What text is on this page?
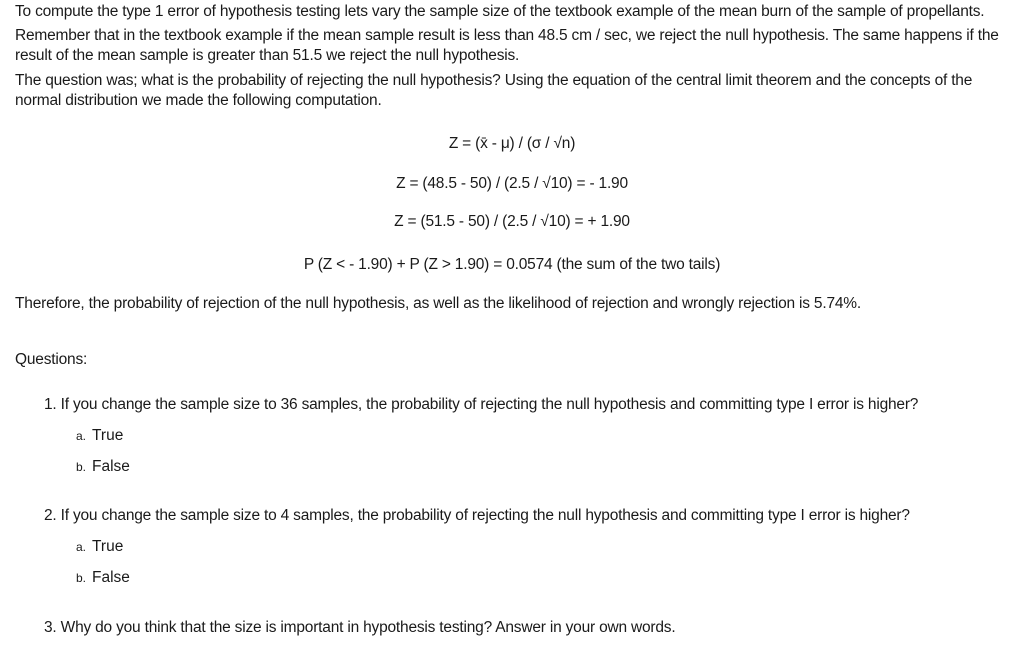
To compute the type 1 error of hypothesis testing lets vary the sample size of the textbook example of the mean burn of the sample of propellants.
Remember that in the textbook example if the mean sample result is less than 48.5 cm / sec, we reject the null hypothesis. The same happens if the result of the mean sample is greater than 51.5 we reject the null hypothesis.
The question was; what is the probability of rejecting the null hypothesis? Using the equation of the central limit theorem and the concepts of the normal distribution we made the following computation.
Z = (x̄ - μ) / (σ / √n)
Z = (48.5 - 50) / (2.5 / √10) = - 1.90
Z = (51.5 - 50) / (2.5 / √10) = + 1.90
P (Z < - 1.90) + P (Z > 1.90) = 0.0574 (the sum of the two tails)
Therefore, the probability of rejection of the null hypothesis, as well as the likelihood of rejection and wrongly rejection is 5.74%.
Questions:
1. If you change the sample size to 36 samples, the probability of rejecting the null hypothesis and committing type I error is higher?
a. True
b. False
2. If you change the sample size to 4 samples, the probability of rejecting the null hypothesis and committing type I error is higher?
a. True
b. False
3. Why do you think that the size is important in hypothesis testing? Answer in your own words.
